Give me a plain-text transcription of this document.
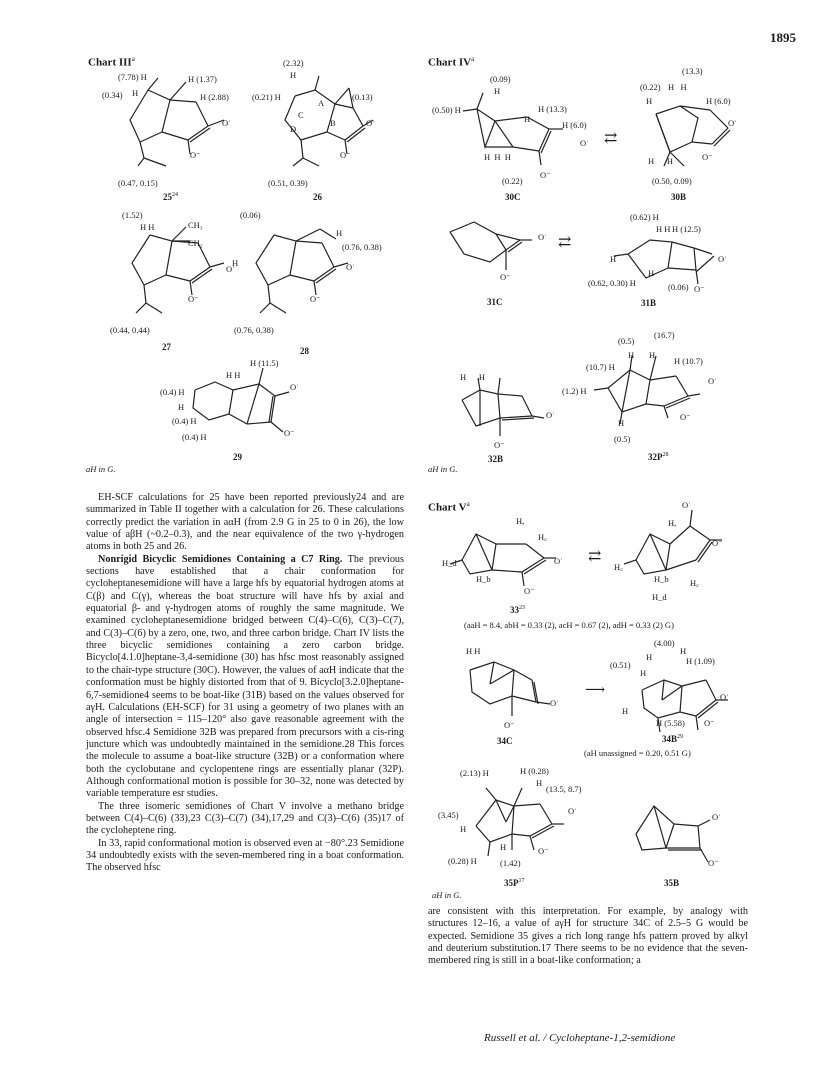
1895
Chart III$^a$
(7.78) H	H (1.37)
(0.34) H	H (2.88)
O˙
O⁻
(0.47, 0.15)
$25^{24}$
(2.32)
H
(0.21) H	(0.13)
A
B
C
D
O˙
O⁻
(0.51, 0.39)
26
(1.52)
H H	CH₃
CH₂
O˙
O⁻
(0.44, 0.44)
27
(0.06)
H
(0.76, 0.38)
H	O˙
O⁻
(0.76, 0.38)
28
H (11.5)
H H
(0.4) H
H
(0.4) H
(0.4) H
O˙
O⁻
29
aH in G.
Chart $IV^a$
(0.09)
H
(0.50) H	H (13.3)
H
H (6.0)
O˙
H  H  H
O⁻
(0.22)
30C
⇄
(13.3)
(0.22) H   H
H	H (6.0)
O˙
H      H	O⁻
(0.50, 0.09)
30B
O˙
O⁻
31C
⇄
(0.62) H
H H H (12.5)
H	O˙
H
(0.62, 0.30) H	(0.06) O⁻
31B
H      H
O˙
O⁻
32B
(0.5)
(16.7)
H       H
(10.7) H
H (10.7)
O˙
(1.2) H
O⁻
H
(0.5)
$32P^{28}$
aH in G.
Chart $V^a$
Hₐ
H꜀
H_d	O˙
H_b
O⁻
⇄
O˙
Hₐ
O⁻
H꜀
H_b	H꜀
H_d
$33^{23}$
(aaH = 8.4, abH = 0.33 (2), acH = 0.67 (2), adH = 0.33 (2) G)
H H
O˙
O⁻
34C
⟶
(4.00)
H
H	H (1.09)
(0.51)
H
O˙
H
H (5.58) O⁻
$34B^{29}$
(aH unassigned = 0.20, 0.51 G)
(2.13) H	H (0.28)
H
(13.5, 8.7)
O˙
(3.45)
H
H	O⁻
(0.28) H	(1.42)
$35P^{17}$
O˙
O⁻
35B
aH in G.

EH-SCF calculations for 25 have been reported previously24 and are summarized in Table II together with a calculation for 26. These calculations correctly predict the variation in aαH (from 2.9 G in 25 to 0 in 26), the low value of aβH (~0.2–0.3), and the near equivalence of the two γ-hydrogen atoms in both 25 and 26.

Nonrigid Bicyclic Semidiones Containing a C7 Ring. The previous sections have established that a chair conformation for cycloheptanesemidione will have a large hfs by equatorial hydrogen atoms at C(β) and C(γ), whereas the boat structure will have hfs by axial and equatorial β- and γ-hydrogen atoms of roughly the same magnitude. We examined cycloheptanesemidione bridged between C(4)–C(6), C(3)–C(7), and C(3)–C(6) by a zero, one, two, and three carbon bridge. Chart IV lists the three bicyclic semidiones containing a zero carbon bridge. Bicyclo[4.1.0]heptane-3,4-semidione (30) has hfsc most reasonably assigned to the chair-type structure (30C). However, the values of aαH indicate that the conformation must be highly distorted from that of 9. Bicyclo[3.2.0]heptane-6,7-semidione4 seems to be boat-like (31B) based on the values observed for aγH. Calculations (EH-SCF) for 31 using a geometry of two planes with an angle of intersection = 115–120° also gave reasonable agreement with the observed hfsc.4 Semidione 32B was prepared from precursors with a cis-ring juncture which was undoubtedly maintained in the semidione.28 This forces the molecule to assume a boat-like structure (32B) or a conformation where both the cyclobutane and cyclopentene rings are essentially planar (32P). Although conformational motion is possible for 30–32, none was detected by variable temperature esr studies.

The three isomeric semidiones of Chart V involve a methano bridge between C(4)–C(6) (33),23 C(3)–C(7) (34),17,29 and C(3)–C(6) (35)17 of the cycloheptene ring.

In 33, rapid conformational motion is observed even at −80°.23 Semidione 34 undoubtedly exists with the seven-membered ring in a boat conformation. The observed hfsc

are consistent with this interpretation. For example, by analogy with structures 12–16, a value of aγH for structure 34C of 2.5–5 G would be expected. Semidione 35 gives a rich long range hfs pattern proved by alkyl and deuterium substitution.17 There seems to be no evidence that the seven-membered ring is still in a boat-like conformation; a

Russell et al. / Cycloheptane-1,2-semidione
